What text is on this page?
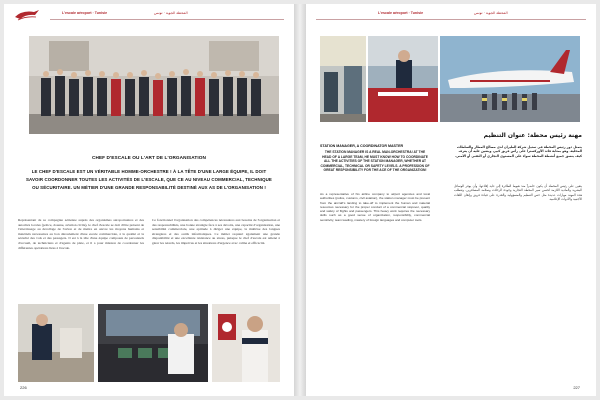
L'escale aéroport · Tunisie	المحطة الجوية · تونس
CHEF D'ESCALE OU L'ART DE L'ORGANISATION
LE CHEF D'ESCALE EST UN VÉRITABLE HOMME-ORCHESTRE ! À LA TÊTE D'UNE LARGE ÉQUIPE, IL DOIT SAVOIR COORDONNER TOUTES LES ACTIVITÉS DE L'ESCALE, QUE CE AU NIVEAU COMMERCIAL, TECHNIQUE OU SÉCURITAIRE. UN MÉTIER D'UNE GRANDE RESPONSABILITÉ DESTINÉ AUX AS DE L'ORGANISATION !
Représentant de sa compagnie aérienne auprès des organismes aéroportuaires et des autorités locales (police, douane, aviation civile), le chef d'escale se doit d'être présent de l'atterrissage au décollage de l'avion et de mettre en œuvre les moyens humains et matériels nécessaires au bon déroulement d'une escale commerciale, à la qualité et la sécurité des vols et des passagers. Il est à la tête d'une équipe composée de personnels d'accueil, de techniciens et d'agents de piste, et il a pour mission de coordonner les différentes opérations liées à l'escale.
Ce fonctionnel l'organisation des compétences nécessaires aux besoins de l'organisation et des responsabilités, une bonne stratégie face à ses devoirs, une capacité d'organisation, une sensibilité commerciale, une aptitude à diriger une équipe, la maîtrise des langues étrangères et des outils informatiques. Ce métier requiert également une grande disponibilité et une excellente résistance au stress, puisque le chef d'escale est amené à gérer les retards, les imprévus et les situations d'urgence avec calme et efficacité.
226
L'escale aéroport · Tunisie	المحطة الجوية · تونس
STATION MANAGER, A COORDINATOR MASTER
مهنة رئيس محطة: عنوان التنظيم
THE STATION MANAGER IS A REAL MAN-ORCHESTRA! AT THE HEAD OF A LARGE TEAM, HE MUST KNOW HOW TO COORDINATE ALL THE ACTIVITIES OF THE STATION MANAGER, WHETHER AT COMMERCIAL, TECHNICAL OR SAFETY LEVELS. A PROFESSION OF GREAT RESPONSIBILITY FOR THE ACE OF THE ORGANIZATION!
As a representative of his airline company to airport agencies and local authorities (police, customs, civil aviation), the station manager must be present from the aircraft's landing to take-off to implement the human and material resources necessary for the proper conduct of a commercial stopover, quality and safety of flights and passengers. This heavy work requires the necessary skills such as a good sense of organization, responsibility, commercial sensitivity, team leading, mastery of foreign languages and computer tools.
يتمثل دور رئيس المحطة في تمثيل شركة الطيران لدى مصالح المطار والسلطات المحلية، وهو بمثابة قائد الأوركسترا على رأس فريق كبير، ويتعين عليه أن يعرف كيف ينسق جميع أنشطة المحطة سواء على المستوى التجاري أو التقني أو الأمني.
يتعين على رئيس المحطة أن يكون حاضراً منذ هبوط الطائرة إلى غاية إقلاعها، وأن يوفر الوسائل البشرية والمادية اللازمة لحسن سير المحطة التجارية وجودة الرحلات وسلامة المسافرين. وتتطلب هذه المهنة مهارات عديدة مثل حس التنظيم والمسؤولية والقدرة على قيادة فريق وإتقان اللغات الأجنبية والأدوات الإعلامية.
227
